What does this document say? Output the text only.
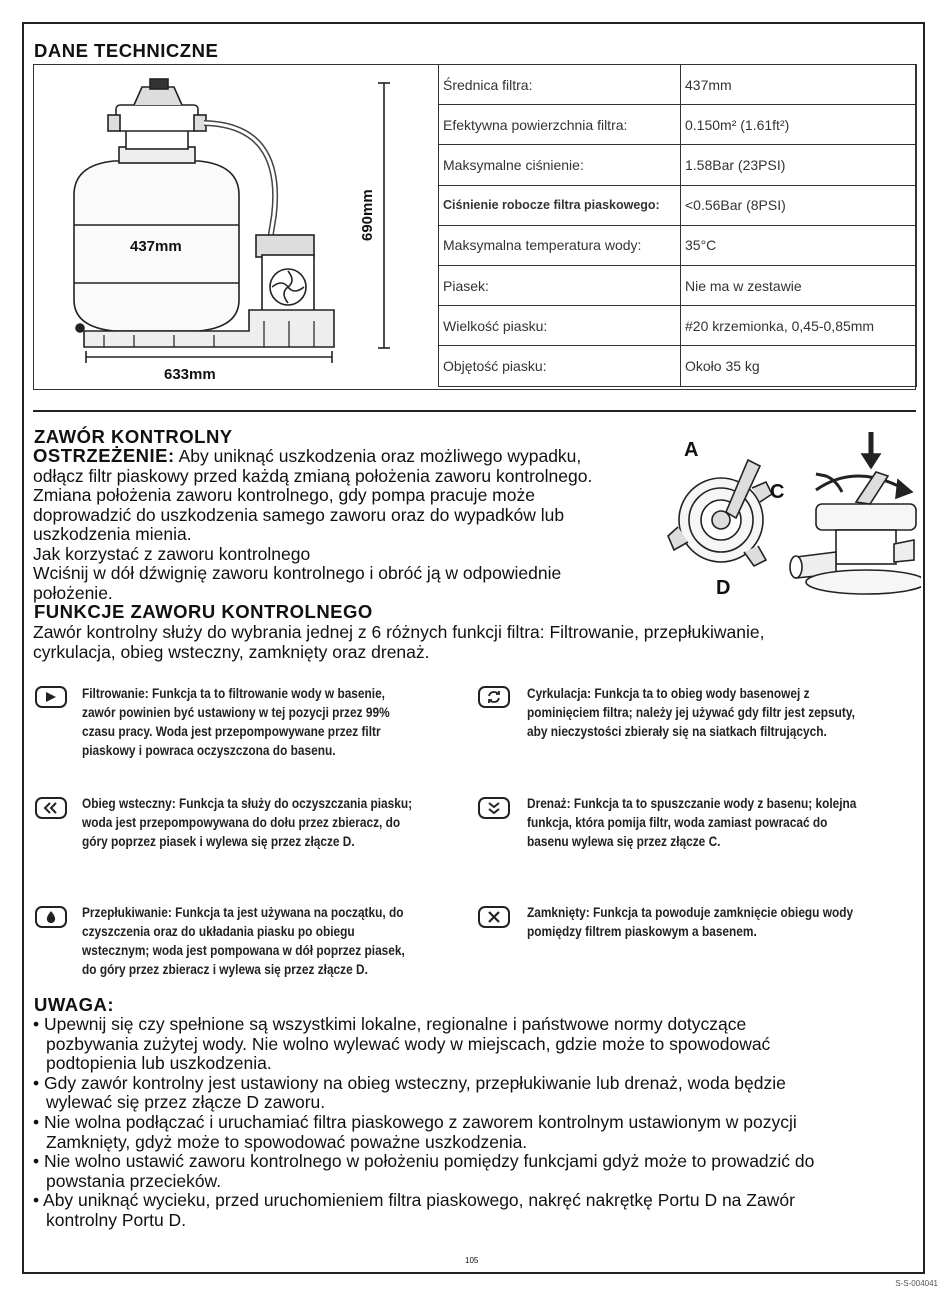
DANE TECHNICZNE
437mm
633mm
690mm
Średnica filtra:	437mm
Efektywna powierzchnia filtra:	0.150m² (1.61ft²)
Maksymalne ciśnienie:	1.58Bar (23PSI)
Ciśnienie robocze filtra piaskowego:	<0.56Bar (8PSI)
Maksymalna temperatura wody:	35°C
Piasek:	Nie ma w zestawie
Wielkość piasku:	#20 krzemionka, 0,45-0,85mm
Objętość piasku:	Około 35 kg
ZAWÓR KONTROLNY
OSTRZEŻENIE: Aby uniknąć uszkodzenia oraz możliwego wypadku,
odłącz filtr piaskowy przed każdą zmianą położenia zaworu kontrolnego.
Zmiana położenia zaworu kontrolnego, gdy pompa pracuje może
doprowadzić do uszkodzenia samego zaworu oraz do wypadków lub
uszkodzenia mienia.
Jak korzystać z zaworu kontrolnego
Wciśnij w dół dźwignię zaworu kontrolnego i obróć ją w odpowiednie
położenie.
A
C
D
FUNKCJE ZAWORU KONTROLNEGO
Zawór kontrolny służy do wybrania jednej z 6 różnych funkcji filtra: Filtrowanie, przepłukiwanie,
cyrkulacja, obieg wsteczny, zamknięty oraz drenaż.
Filtrowanie: Funkcja ta to filtrowanie wody w basenie,
zawór powinien być ustawiony w tej pozycji przez 99%
czasu pracy. Woda jest przepompowywane przez filtr
piaskowy i powraca oczyszczona do basenu.
Cyrkulacja: Funkcja ta to obieg wody basenowej z
pominięciem filtra; należy jej używać gdy filtr jest zepsuty,
aby nieczystości zbierały się na siatkach filtrujących.
Obieg wsteczny: Funkcja ta służy do oczyszczania piasku;
woda jest przepompowywana do dołu przez zbieracz, do
góry poprzez piasek i wylewa się przez złącze D.
Drenaż: Funkcja ta to spuszczanie wody z basenu; kolejna
funkcja, która pomija filtr, woda zamiast powracać do
basenu wylewa się przez złącze C.
Przepłukiwanie: Funkcja ta jest używana na początku, do
czyszczenia oraz do układania piasku po obiegu
wstecznym; woda jest pompowana w dół poprzez piasek,
do góry przez zbieracz i wylewa się przez złącze D.
Zamknięty: Funkcja ta powoduje zamknięcie obiegu wody
pomiędzy filtrem piaskowym a basenem.
UWAGA:
• Upewnij się czy spełnione są wszystkimi lokalne, regionalne i państwowe normy dotyczące
pozbywania zużytej wody. Nie wolno wylewać wody w miejscach, gdzie może to spowodować
podtopienia lub uszkodzenia.
• Gdy zawór kontrolny jest ustawiony na obieg wsteczny, przepłukiwanie lub drenaż, woda będzie
wylewać się przez złącze D zaworu.
• Nie wolna podłączać i uruchamiać filtra piaskowego z zaworem kontrolnym ustawionym w pozycji
Zamknięty, gdyż może to spowodować poważne uszkodzenia.
• Nie wolno ustawić zaworu kontrolnego w położeniu pomiędzy funkcjami gdyż może to prowadzić do
powstania przecieków.
• Aby uniknąć wycieku, przed uruchomieniem filtra piaskowego, nakręć nakrętkę Portu D na Zawór
kontrolny Portu D.
105
S-S-004041
